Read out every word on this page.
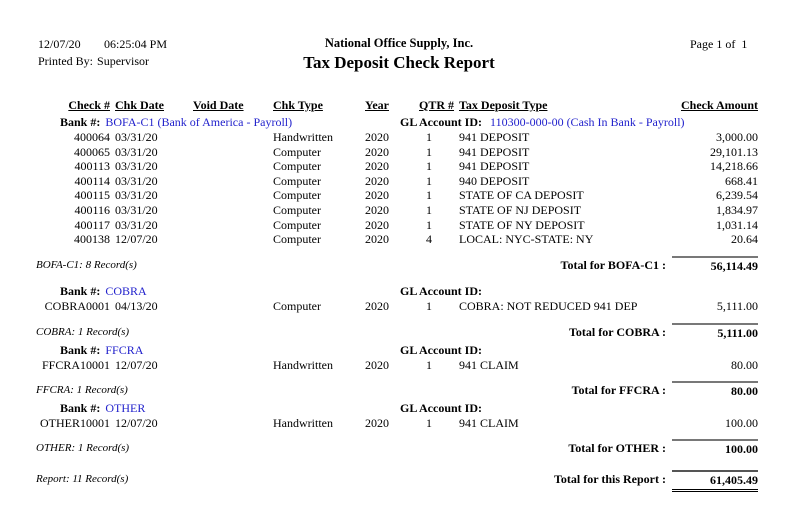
12/07/20 06:25:04 PM
Printed By: Supervisor
National Office Supply, Inc.	Page 1 of  1
Tax Deposit Check Report
Check # Chk Date	Void Date	Chk Type	Year	QTR # Tax Deposit Type	Check Amount
Bank #: BOFA-C1 (Bank of America - Payroll)	GL Account ID: 110300-000-00 (Cash In Bank - Payroll)
400064 03/31/20	Handwritten	2020	1	941 DEPOSIT	3,000.00
400065 03/31/20	Computer	2020	1	941 DEPOSIT	29,101.13
400113 03/31/20	Computer	2020	1	941 DEPOSIT	14,218.66
400114 03/31/20	Computer	2020	1	940 DEPOSIT	668.41
400115 03/31/20	Computer	2020	1	STATE OF CA DEPOSIT	6,239.54
400116 03/31/20	Computer	2020	1	STATE OF NJ DEPOSIT	1,834.97
400117 03/31/20	Computer	2020	1	STATE OF NY DEPOSIT	1,031.14
400138 12/07/20	Computer	2020	4	LOCAL: NYC-STATE: NY	20.64
BOFA-C1: 8 Record(s)	Total for BOFA-C1 :	56,114.49
Bank #: COBRA	GL Account ID:
COBRA0001 04/13/20	Computer	2020	1	COBRA: NOT REDUCED 941 DEP	5,111.00
COBRA: 1 Record(s)	Total for COBRA :	5,111.00
Bank #: FFCRA	GL Account ID:
FFCRA10001 12/07/20	Handwritten	2020	1	941 CLAIM	80.00
FFCRA: 1 Record(s)	Total for FFCRA :	80.00
Bank #: OTHER	GL Account ID:
OTHER10001 12/07/20	Handwritten	2020	1	941 CLAIM	100.00
OTHER: 1 Record(s)	Total for OTHER :	100.00
Report: 11 Record(s)	Total for this Report :	61,405.49
